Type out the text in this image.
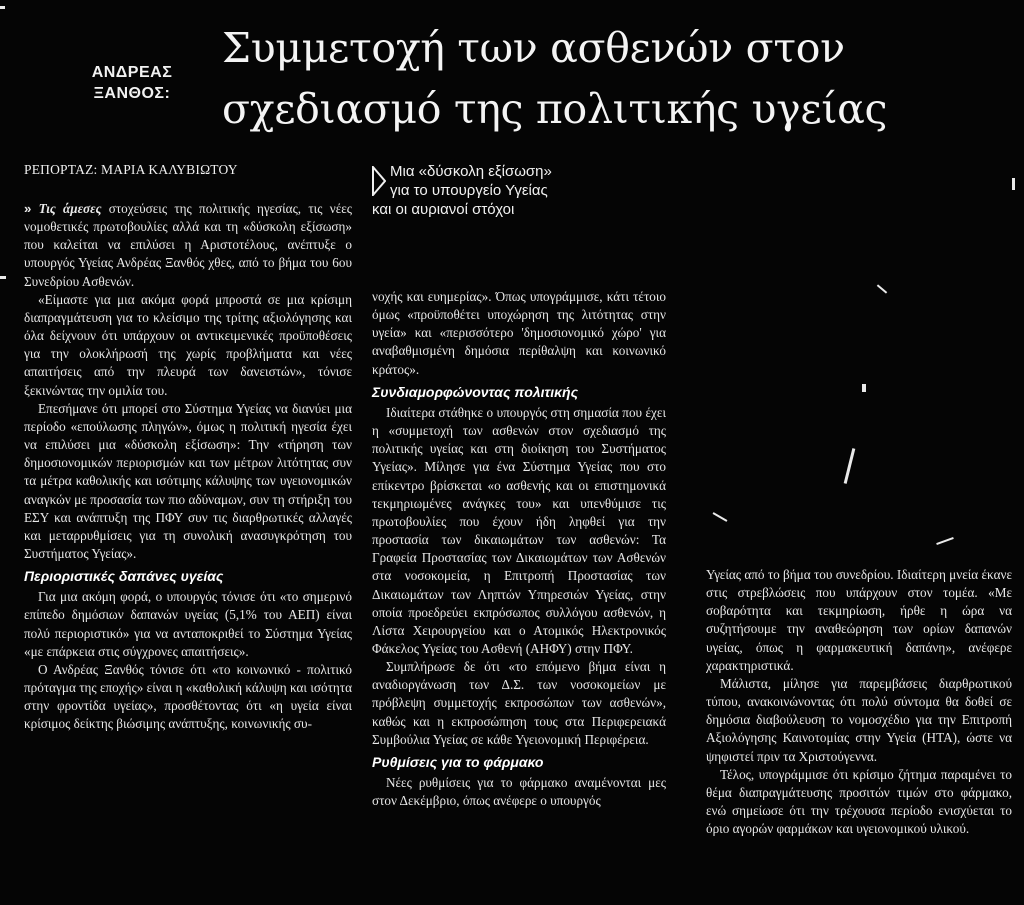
ΑΝΔΡΕΑΣ
ΞΑΝΘΟΣ:
Συμμετοχή των ασθενών στον
σχεδιασμό της πολιτικής υγείας
ΡΕΠΟΡΤΑΖ: ΜΑΡΙΑ ΚΑΛΥΒΙΩΤΟΥ	Μια «δύσκολη εξίσωση»
για το υπουργείο Υγείας
και οι αυριανοί στόχοι

» Τις άμεσες στοχεύσεις της πολιτικής ηγεσίας, τις νέες νομοθετικές πρωτοβουλίες αλλά και τη «δύσκολη εξίσωση» που καλείται να επιλύσει η Αριστοτέλους, ανέπτυξε ο υπουργός Υγείας Ανδρέας Ξανθός χθες, από το βήμα του 6ου Συνεδρίου Ασθενών.

«Είμαστε για μια ακόμα φορά μπροστά σε μια κρίσιμη διαπραγμάτευση για το κλείσιμο της τρίτης αξιολόγησης και όλα δείχνουν ότι υπάρχουν οι αντικειμενικές προϋποθέσεις για την ολοκλήρωσή της χωρίς προβλήματα και νέες απαιτήσεις από την πλευρά των δανειστών», τόνισε ξεκινώντας την ομιλία του.

Επεσήμανε ότι μπορεί στο Σύστημα Υγείας να διανύει μια περίοδο «επούλωσης πληγών», όμως η πολιτική ηγεσία έχει να επιλύσει μια «δύσκολη εξίσωση»: Την «τήρηση των δημοσιονομικών περιορισμών και των μέτρων λιτότητας συν τα μέτρα καθολικής και ισότιμης κάλυψης των υγειονομικών αναγκών με προσασία των πιο αδύναμων, συν τη στήριξη του ΕΣΥ και ανάπτυξη της ΠΦΥ συν τις διαρθρωτικές αλλαγές και μεταρρυθμίσεις για τη συνολική ανασυγκρότηση του Συστήματος Υγείας».

Περιοριστικές δαπάνες υγείας

Για μια ακόμη φορά, ο υπουργός τόνισε ότι «το σημερινό επίπεδο δημόσιων δαπανών υγείας (5,1% του ΑΕΠ) είναι πολύ περιοριστικό» για να ανταποκριθεί το Σύστημα Υγείας «με επάρκεια στις σύγχρονες απαιτήσεις».

Ο Ανδρέας Ξανθός τόνισε ότι «το κοινωνικό - πολιτικό πρόταγμα της εποχής» είναι η «καθολική κάλυψη και ισότητα στην φροντίδα υγείας», προσθέτοντας ότι «η υγεία είναι κρίσιμος δείκτης βιώσιμης ανάπτυξης, κοινωνικής συ-

νοχής και ευημερίας». Όπως υπογράμμισε, κάτι τέτοιο όμως «προϋποθέτει υποχώρηση της λιτότητας στην υγεία» και «περισσότερο 'δημοσιονομικό χώρο' για αναβαθμισμένη δημόσια περίθαλψη και κοινωνικό κράτος».

Συνδιαμορφώνοντας πολιτικής

Ιδιαίτερα στάθηκε ο υπουργός στη σημασία που έχει η «συμμετοχή των ασθενών στον σχεδιασμό της πολιτικής υγείας και στη διοίκηση του Συστήματος Υγείας». Μίλησε για ένα Σύστημα Υγείας που στο επίκεντρο βρίσκεται «ο ασθενής και οι επιστημονικά τεκμηριωμένες ανάγκες του» και υπενθύμισε τις πρωτοβουλίες που έχουν ήδη ληφθεί για την προστασία των δικαιωμάτων των ασθενών: Τα Γραφεία Προστασίας των Δικαιωμάτων των Ασθενών στα νοσοκομεία, η Επιτροπή Προστασίας των Δικαιωμάτων των Ληπτών Υπηρεσιών Υγείας, στην οποία προεδρεύει εκπρόσωπος συλλόγου ασθενών, η Λίστα Χειρουργείου και ο Ατομικός Ηλεκτρονικός Φάκελος Υγείας του Ασθενή (ΑΗΦΥ) στην ΠΦΥ.

Συμπλήρωσε δε ότι «το επόμενο βήμα είναι η αναδιοργάνωση των Δ.Σ. των νοσοκομείων με πρόβλεψη συμμετοχής εκπροσώπων των ασθενών», καθώς και η εκπροσώπηση τους στα Περιφερειακά Συμβούλια Υγείας σε κάθε Υγειονομική Περιφέρεια.

Ρυθμίσεις για το φάρμακο

Νέες ρυθμίσεις για το φάρμακο αναμένονται μες στον Δεκέμβριο, όπως ανέφερε ο υπουργός

Υγείας από το βήμα του συνεδρίου. Ιδιαίτερη μνεία έκανε στις στρεβλώσεις που υπάρχουν στον τομέα. «Με σοβαρότητα και τεκμηρίωση, ήρθε η ώρα να συζητήσουμε την αναθεώρηση των ορίων δαπανών υγείας, όπως η φαρμακευτική δαπάνη», ανέφερε χαρακτηριστικά.

Μάλιστα, μίλησε για παρεμβάσεις διαρθρωτικού τύπου, ανακοινώνοντας ότι πολύ σύντομα θα δοθεί σε δημόσια διαβούλευση το νομοσχέδιο για την Επιτροπή Αξιολόγησης Καινοτομίας στην Υγεία (HTA), ώστε να ψηφιστεί πριν τα Χριστούγεννα.

Τέλος, υπογράμμισε ότι κρίσιμο ζήτημα παραμένει το θέμα διαπραγμάτευσης προσιτών τιμών στο φάρμακο, ενώ σημείωσε ότι την τρέχουσα περίοδο ενισχύεται το όριο αγορών φαρμάκων και υγειονομικού υλικού.
